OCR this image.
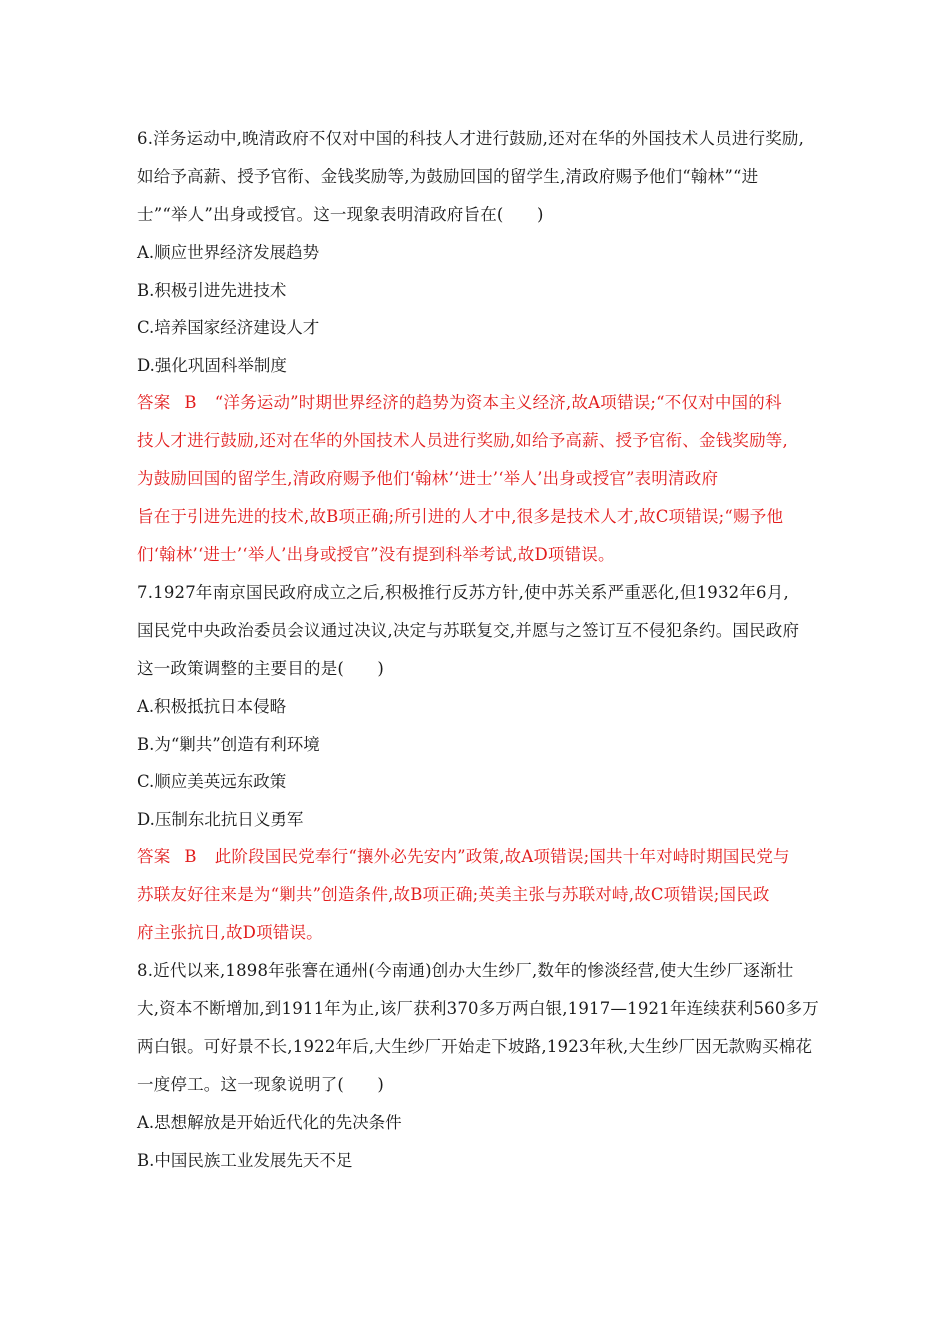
6.洋务运动中,晚清政府不仅对中国的科技人才进行鼓励,还对在华的外国技术人员进行奖励,
如给予高薪、授予官衔、金钱奖励等,为鼓励回国的留学生,清政府赐予他们“翰林”“进
士”“举人”出身或授官。这一现象表明清政府旨在(　　)
A.顺应世界经济发展趋势
B.积极引进先进技术
C.培养国家经济建设人才
D.强化巩固科举制度
答案 B “洋务运动”时期世界经济的趋势为资本主义经济,故A项错误;“不仅对中国的科
技人才进行鼓励,还对在华的外国技术人员进行奖励,如给予高薪、授予官衔、金钱奖励等,
为鼓励回国的留学生,清政府赐予他们‘翰林’‘进士’‘举人’出身或授官”表明清政府
旨在于引进先进的技术,故B项正确;所引进的人才中,很多是技术人才,故C项错误;“赐予他
们‘翰林’‘进士’‘举人’出身或授官”没有提到科举考试,故D项错误。
7.1927年南京国民政府成立之后,积极推行反苏方针,使中苏关系严重恶化,但1932年6月,
国民党中央政治委员会议通过决议,决定与苏联复交,并愿与之签订互不侵犯条约。国民政府
这一政策调整的主要目的是(　　)
A.积极抵抗日本侵略
B.为“剿共”创造有利环境
C.顺应美英远东政策
D.压制东北抗日义勇军
答案 B 此阶段国民党奉行“攘外必先安内”政策,故A项错误;国共十年对峙时期国民党与
苏联友好往来是为“剿共”创造条件,故B项正确;英美主张与苏联对峙,故C项错误;国民政
府主张抗日,故D项错误。
8.近代以来,1898年张謇在通州(今南通)创办大生纱厂,数年的惨淡经营,使大生纱厂逐渐壮
大,资本不断增加,到1911年为止,该厂获利370多万两白银,1917—1921年连续获利560多万
两白银。可好景不长,1922年后,大生纱厂开始走下坡路,1923年秋,大生纱厂因无款购买棉花
一度停工。这一现象说明了(　　)
A.思想解放是开始近代化的先决条件
B.中国民族工业发展先天不足
